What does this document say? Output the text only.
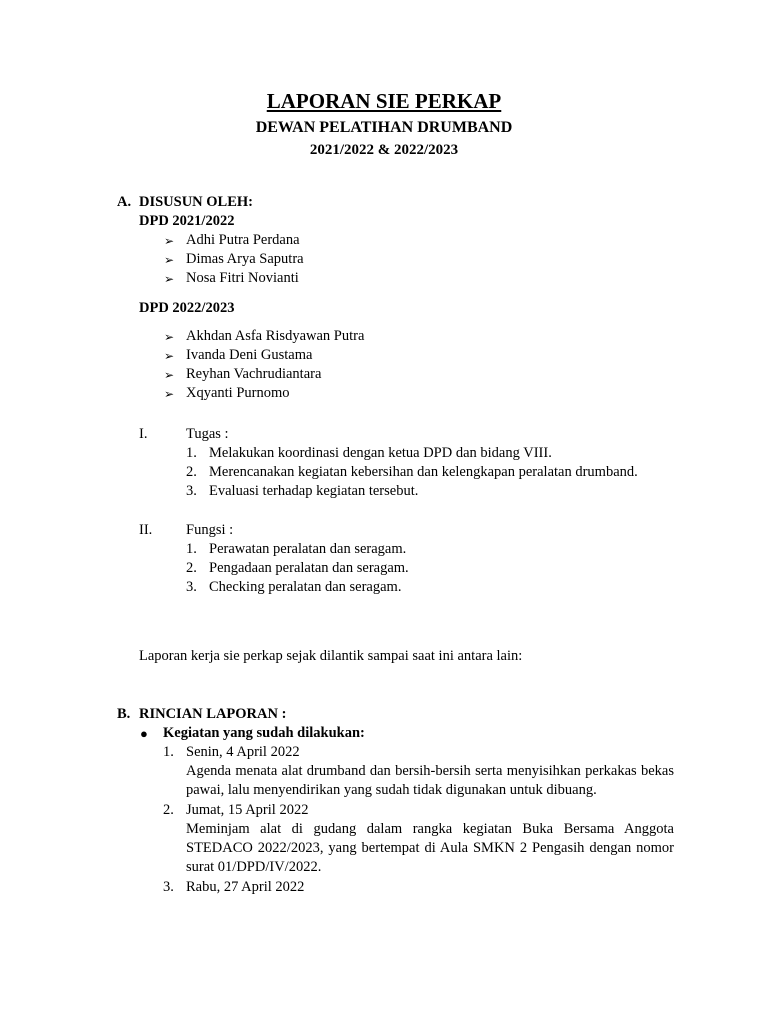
LAPORAN SIE PERKAP
DEWAN PELATIHAN DRUMBAND
2021/2022 & 2022/2023
A. DISUSUN OLEH:
DPD 2021/2022
➢ Adhi Putra Perdana
➢ Dimas Arya Saputra
➢ Nosa Fitri Novianti
DPD 2022/2023
➢ Akhdan Asfa Risdyawan Putra
➢ Ivanda Deni Gustama
➢ Reyhan Vachrudiantara
➢ Xqyanti Purnomo
I.	Tugas :
1. Melakukan koordinasi dengan ketua DPD dan bidang VIII.
2. Merencanakan kegiatan kebersihan dan kelengkapan peralatan drumband.
3. Evaluasi terhadap kegiatan tersebut.
II. Fungsi :
1. Perawatan peralatan dan seragam.
2. Pengadaan peralatan dan seragam.
3. Checking peralatan dan seragam.
Laporan kerja sie perkap sejak dilantik sampai saat ini antara lain:
B. RINCIAN LAPORAN :
● Kegiatan yang sudah dilakukan:
1. Senin, 4 April 2022
Agenda menata alat drumband dan bersih-bersih serta menyisihkan perkakas bekas pawai, lalu menyendirikan yang sudah tidak digunakan untuk dibuang.
2. Jumat, 15 April 2022
Meminjam alat di gudang dalam rangka kegiatan Buka Bersama Anggota STEDACO 2022/2023, yang bertempat di Aula SMKN 2 Pengasih dengan nomor surat 01/DPD/IV/2022.
3. Rabu, 27 April 2022
